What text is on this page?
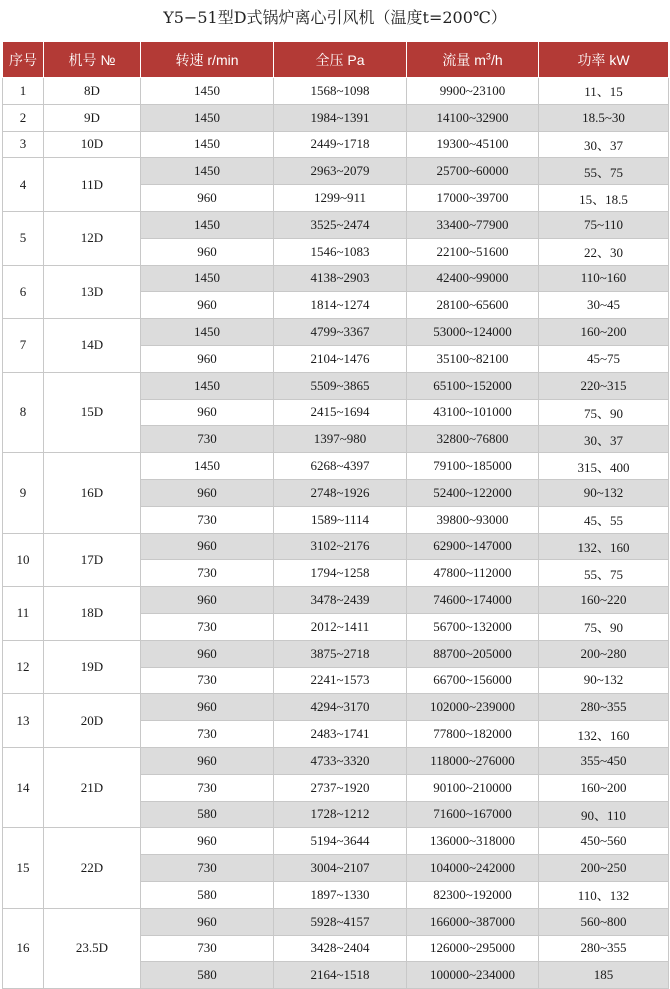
Y5−51型D式锅炉离心引风机（温度t=200℃）
序号	机号 №	转速 r/min	全压 Pa	流量 $m^3/h$	功率 kW
1	8D	1450	1568~1098	9900~23100	11、15
2	9D	1450	1984~1391	14100~32900	18.5~30
3	10D	1450	2449~1718	19300~45100	30、37
4	11D	1450	2963~2079	25700~60000	55、75
		960	1299~911	17000~39700	15、18.5
5	12D	1450	3525~2474	33400~77900	75~110
		960	1546~1083	22100~51600	22、30
6	13D	1450	4138~2903	42400~99000	110~160
		960	1814~1274	28100~65600	30~45
7	14D	1450	4799~3367	53000~124000	160~200
		960	2104~1476	35100~82100	45~75
8	15D	1450	5509~3865	65100~152000	220~315
		960	2415~1694	43100~101000	75、90
		730	1397~980	32800~76800	30、37
9	16D	1450	6268~4397	79100~185000	315、400
		960	2748~1926	52400~122000	90~132
		730	1589~1114	39800~93000	45、55
10	17D	960	3102~2176	62900~147000	132、160
		730	1794~1258	47800~112000	55、75
11	18D	960	3478~2439	74600~174000	160~220
		730	2012~1411	56700~132000	75、90
12	19D	960	3875~2718	88700~205000	200~280
		730	2241~1573	66700~156000	90~132
13	20D	960	4294~3170	102000~239000	280~355
		730	2483~1741	77800~182000	132、160
14	21D	960	4733~3320	118000~276000	355~450
		730	2737~1920	90100~210000	160~200
		580	1728~1212	71600~167000	90、110
15	22D	960	5194~3644	136000~318000	450~560
		730	3004~2107	104000~242000	200~250
		580	1897~1330	82300~192000	110、132
16	23.5D	960	5928~4157	166000~387000	560~800
		730	3428~2404	126000~295000	280~355
		580	2164~1518	100000~234000	185
